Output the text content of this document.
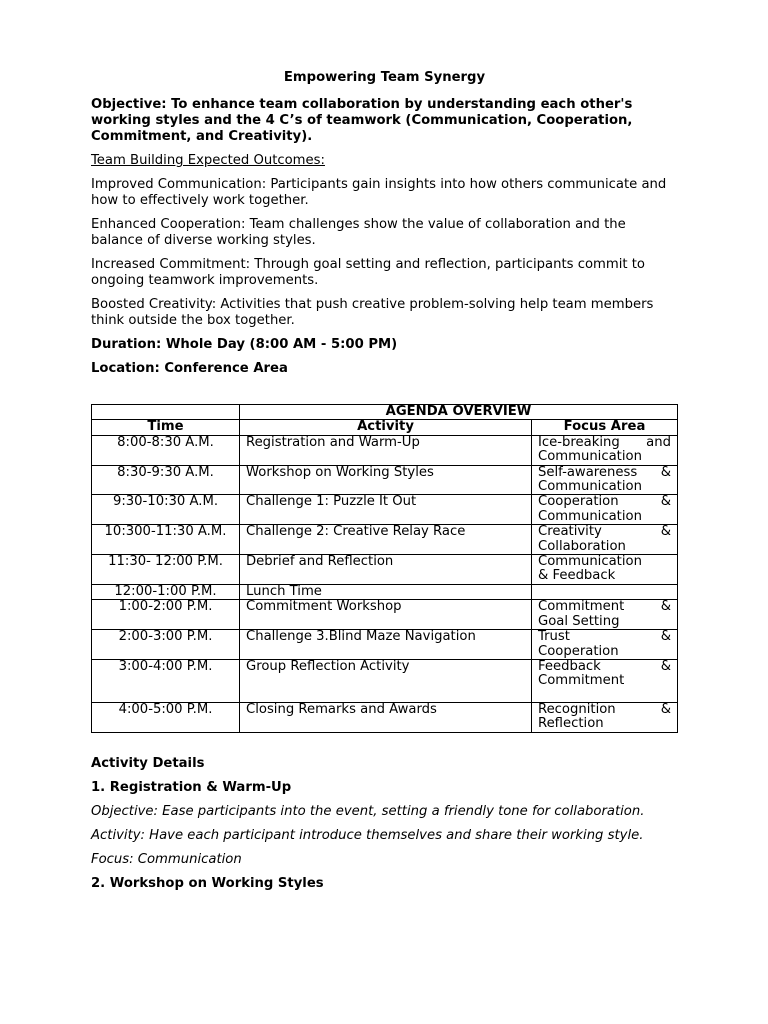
Empowering Team Synergy

Objective: To enhance team collaboration by understanding each other's working styles and the 4 C’s of teamwork (Communication, Cooperation, Commitment, and Creativity).

Team Building Expected Outcomes:

Improved Communication: Participants gain insights into how others communicate and how to effectively work together.

Enhanced Cooperation: Team challenges show the value of collaboration and the balance of diverse working styles.

Increased Commitment: Through goal setting and reflection, participants commit to ongoing teamwork improvements.

Boosted Creativity: Activities that push creative problem-solving help team members think outside the box together.

Duration: Whole Day (8:00 AM - 5:00 PM)

Location: Conference Area

	AGENDA OVERVIEW	
Time	Activity	Focus Area
8:00-8:30 A.M.	Registration and Warm-Up	Ice-breaking and
Communication

8:30-9:30 A.M.	Workshop on Working Styles	Self-awareness &
Communication

9:30-10:30 A.M.	Challenge 1: Puzzle It Out	Cooperation &
Communication

10:300-11:30 A.M.	Challenge 2: Creative Relay Race	Creativity &
Collaboration

11:30- 12:00 P.M.	Debrief and Reflection	Communication
& Feedback
12:00-1:00 P.M.	Lunch Time	
1:00-2:00 P.M.	Commitment Workshop	Commitment &
Goal Setting

2:00-3:00 P.M.	Challenge 3.Blind Maze Navigation	Trust &
Cooperation

3:00-4:00 P.M.	Group Reflection Activity	Feedback &
Commitment

4:00-5:00 P.M.	Closing Remarks and Awards	Recognition &
Reflection

Activity Details

1. Registration & Warm-Up

Objective: Ease participants into the event, setting a friendly tone for collaboration.

Activity: Have each participant introduce themselves and share their working style.

Focus: Communication

2. Workshop on Working Styles
